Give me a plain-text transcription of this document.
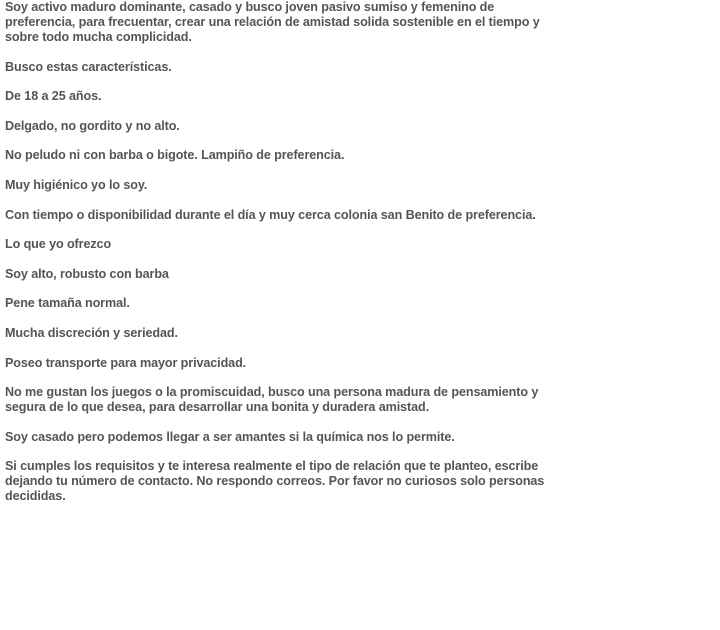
Soy activo maduro dominante, casado y busco joven pasivo sumiso y femenino de preferencia, para frecuentar, crear una relación de amistad solida sostenible en el tiempo y sobre todo mucha complicidad.

Busco estas características.

De 18 a 25 años.

Delgado, no gordito y no alto.

No peludo ni con barba o bigote. Lampiño de preferencia.

Muy higiénico yo lo soy.

Con tiempo o disponibilidad durante el día y muy cerca colonia san Benito de preferencia.

Lo que yo ofrezco

Soy alto, robusto con barba

Pene tamaña normal.

Mucha discreción y seriedad.

Poseo transporte para mayor privacidad.

No me gustan los juegos o la promiscuidad, busco una persona madura de pensamiento y segura de lo que desea, para desarrollar una bonita y duradera amistad.

Soy casado pero podemos llegar a ser amantes si la química nos lo permite.

Si cumples los requisitos y te interesa realmente el tipo de relación que te planteo, escribe dejando tu número de contacto. No respondo correos. Por favor no curiosos solo personas decididas.
